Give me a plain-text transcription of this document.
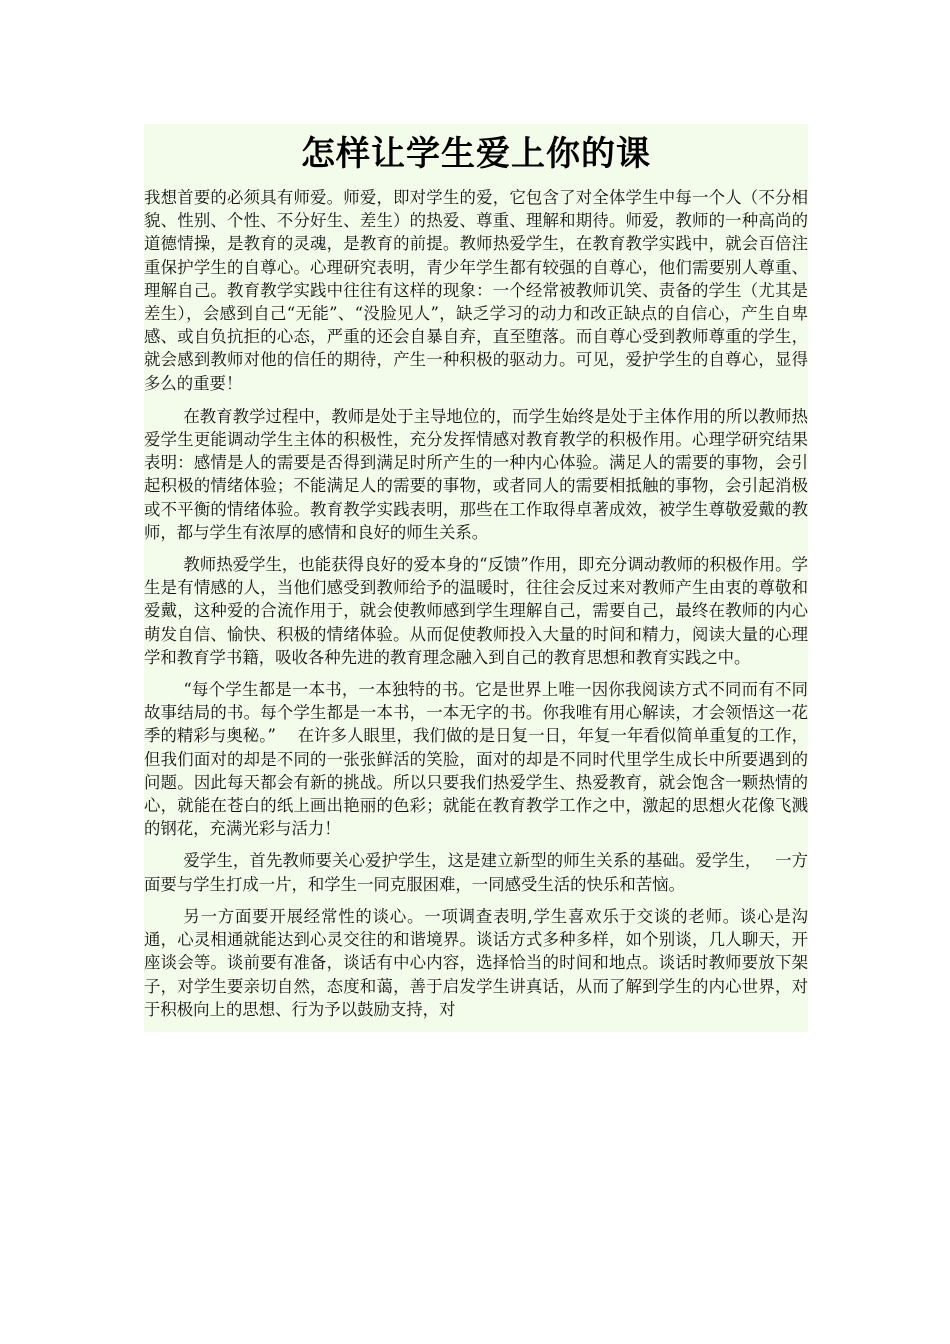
怎样让学生爱上你的课

我想首要的必须具有师爱。师爱，即对学生的爱，它包含了对全体学生中每一个人（不分相貌、性别、个性、不分好生、差生）的热爱、尊重、理解和期待。师爱，教师的一种高尚的道德情操，是教育的灵魂，是教育的前提。教师热爱学生，在教育教学实践中，就会百倍注重保护学生的自尊心。心理研究表明，青少年学生都有较强的自尊心，他们需要别人尊重、理解自己。教育教学实践中往往有这样的现象：一个经常被教师讥笑、责备的学生（尤其是差生），会感到自己“无能”、“没脸见人”，缺乏学习的动力和改正缺点的自信心，产生自卑感、或自负抗拒的心态，严重的还会自暴自弃，直至堕落。而自尊心受到教师尊重的学生，就会感到教师对他的信任的期待，产生一种积极的驱动力。可见，爱护学生的自尊心，显得多么的重要！

在教育教学过程中，教师是处于主导地位的，而学生始终是处于主体作用的所以教师热爱学生更能调动学生主体的积极性，充分发挥情感对教育教学的积极作用。心理学研究结果表明：感情是人的需要是否得到满足时所产生的一种内心体验。满足人的需要的事物，会引起积极的情绪体验；不能满足人的需要的事物，或者同人的需要相抵触的事物，会引起消极或不平衡的情绪体验。教育教学实践表明，那些在工作取得卓著成效，被学生尊敬爱戴的教师，都与学生有浓厚的感情和良好的师生关系。

教师热爱学生，也能获得良好的爱本身的“反馈”作用，即充分调动教师的积极作用。学生是有情感的人，当他们感受到教师给予的温暖时，往往会反过来对教师产生由衷的尊敬和爱戴，这种爱的合流作用于，就会使教师感到学生理解自己，需要自己，最终在教师的内心萌发自信、愉快、积极的情绪体验。从而促使教师投入大量的时间和精力，阅读大量的心理学和教育学书籍，吸收各种先进的教育理念融入到自己的教育思想和教育实践之中。

“每个学生都是一本书，一本独特的书。它是世界上唯一因你我阅读方式不同而有不同故事结局的书。每个学生都是一本书，一本无字的书。你我唯有用心解读，才会领悟这一花季的精彩与奥秘。”　 在许多人眼里，我们做的是日复一日，年复一年看似简单重复的工作，但我们面对的却是不同的一张张鲜活的笑脸，面对的却是不同时代里学生成长中所要遇到的问题。因此每天都会有新的挑战。所以只要我们热爱学生、热爱教育，就会饱含一颗热情的心，就能在苍白的纸上画出艳丽的色彩；就能在教育教学工作之中，激起的思想火花像飞溅的钢花，充满光彩与活力！

爱学生，首先教师要关心爱护学生，这是建立新型的师生关系的基础。爱学生，　 一方面要与学生打成一片，和学生一同克服困难，一同感受生活的快乐和苦恼。

另一方面要开展经常性的谈心。一项调查表明,学生喜欢乐于交谈的老师。谈心是沟通，心灵相通就能达到心灵交往的和谐境界。谈话方式多种多样，如个别谈，几人聊天，开座谈会等。谈前要有准备，谈话有中心内容，选择恰当的时间和地点。谈话时教师要放下架子，对学生要亲切自然，态度和蔼，善于启发学生讲真话，从而了解到学生的内心世界，对于积极向上的思想、行为予以鼓励支持，对
